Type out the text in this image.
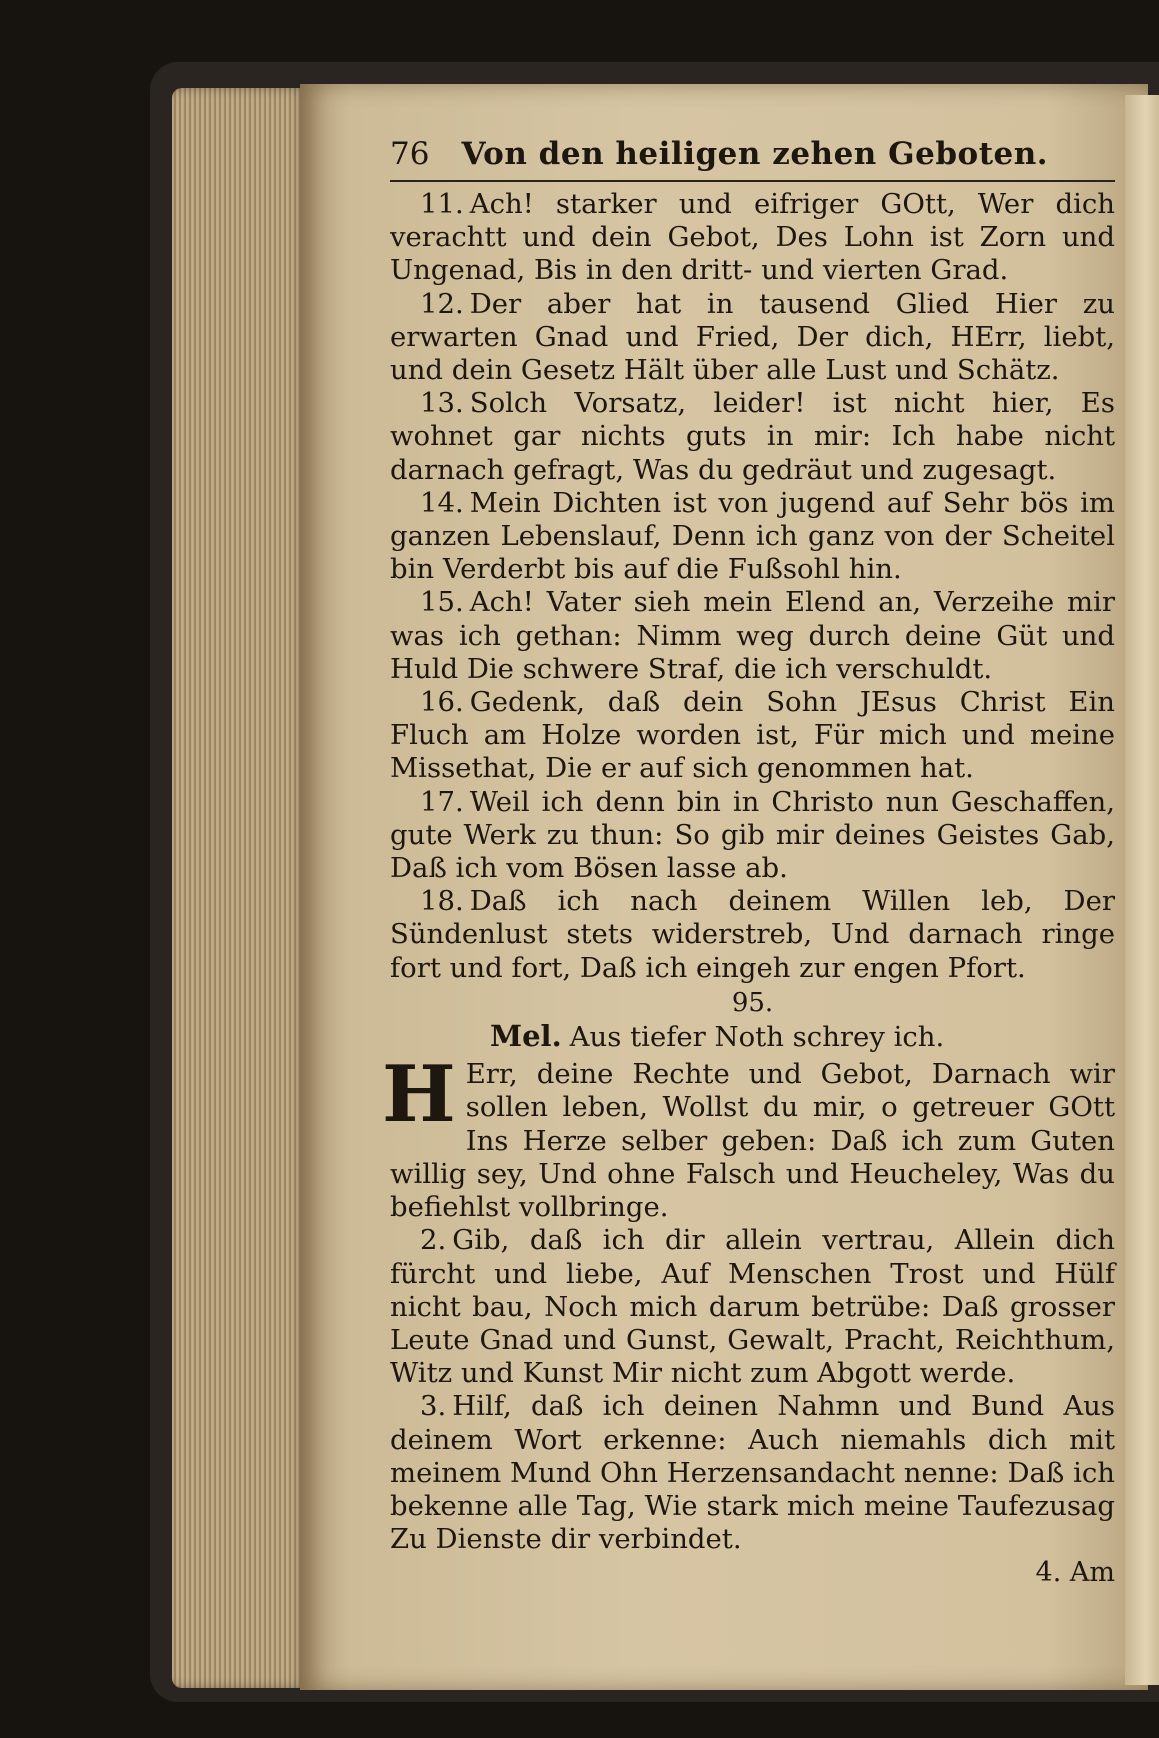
76 Von den heiligen zehen Geboten.

11. Ach! starker und eifriger GOtt, Wer dich verachtt und dein Gebot, Des Lohn ist Zorn und Ungenad, Bis in den dritt- und vierten Grad.

12. Der aber hat in tausend Glied Hier zu erwarten Gnad und Fried, Der dich, HErr, liebt, und dein Gesetz Hält über alle Lust und Schätz.

13. Solch Vorsatz, leider! ist nicht hier, Es wohnet gar nichts guts in mir: Ich habe nicht darnach gefragt, Was du gedräut und zugesagt.

14. Mein Dichten ist von jugend auf Sehr bös im ganzen Lebenslauf, Denn ich ganz von der Scheitel bin Verderbt bis auf die Fußsohl hin.

15. Ach! Vater sieh mein Elend an, Verzeihe mir was ich gethan: Nimm weg durch deine Güt und Huld Die schwere Straf, die ich verschuldt.

16. Gedenk, daß dein Sohn JEsus Christ Ein Fluch am Holze worden ist, Für mich und meine Missethat, Die er auf sich genommen hat.

17. Weil ich denn bin in Christo nun Geschaffen, gute Werk zu thun: So gib mir deines Geistes Gab, Daß ich vom Bösen lasse ab.

18. Daß ich nach deinem Willen leb, Der Sündenlust stets widerstreb, Und darnach ringe fort und fort, Daß ich eingeh zur engen Pfort.

95.
Mel. Aus tiefer Noth schrey ich.

H Err, deine Rechte und Gebot, Darnach wir sollen leben, Wollst du mir, o getreuer GOtt Ins Herze selber geben: Daß ich zum Guten willig sey, Und ohne Falsch und Heucheley, Was du befiehlst vollbringe.

2. Gib, daß ich dir allein vertrau, Allein dich fürcht und liebe, Auf Menschen Trost und Hülf nicht bau, Noch mich darum betrübe: Daß grosser Leute Gnad und Gunst, Gewalt, Pracht, Reichthum, Witz und Kunst Mir nicht zum Abgott werde.

3. Hilf, daß ich deinen Nahmn und Bund Aus deinem Wort erkenne: Auch niemahls dich mit meinem Mund Ohn Herzensandacht nenne: Daß ich bekenne alle Tag, Wie stark mich meine Taufezusag Zu Dienste dir verbindet.

4. Am
